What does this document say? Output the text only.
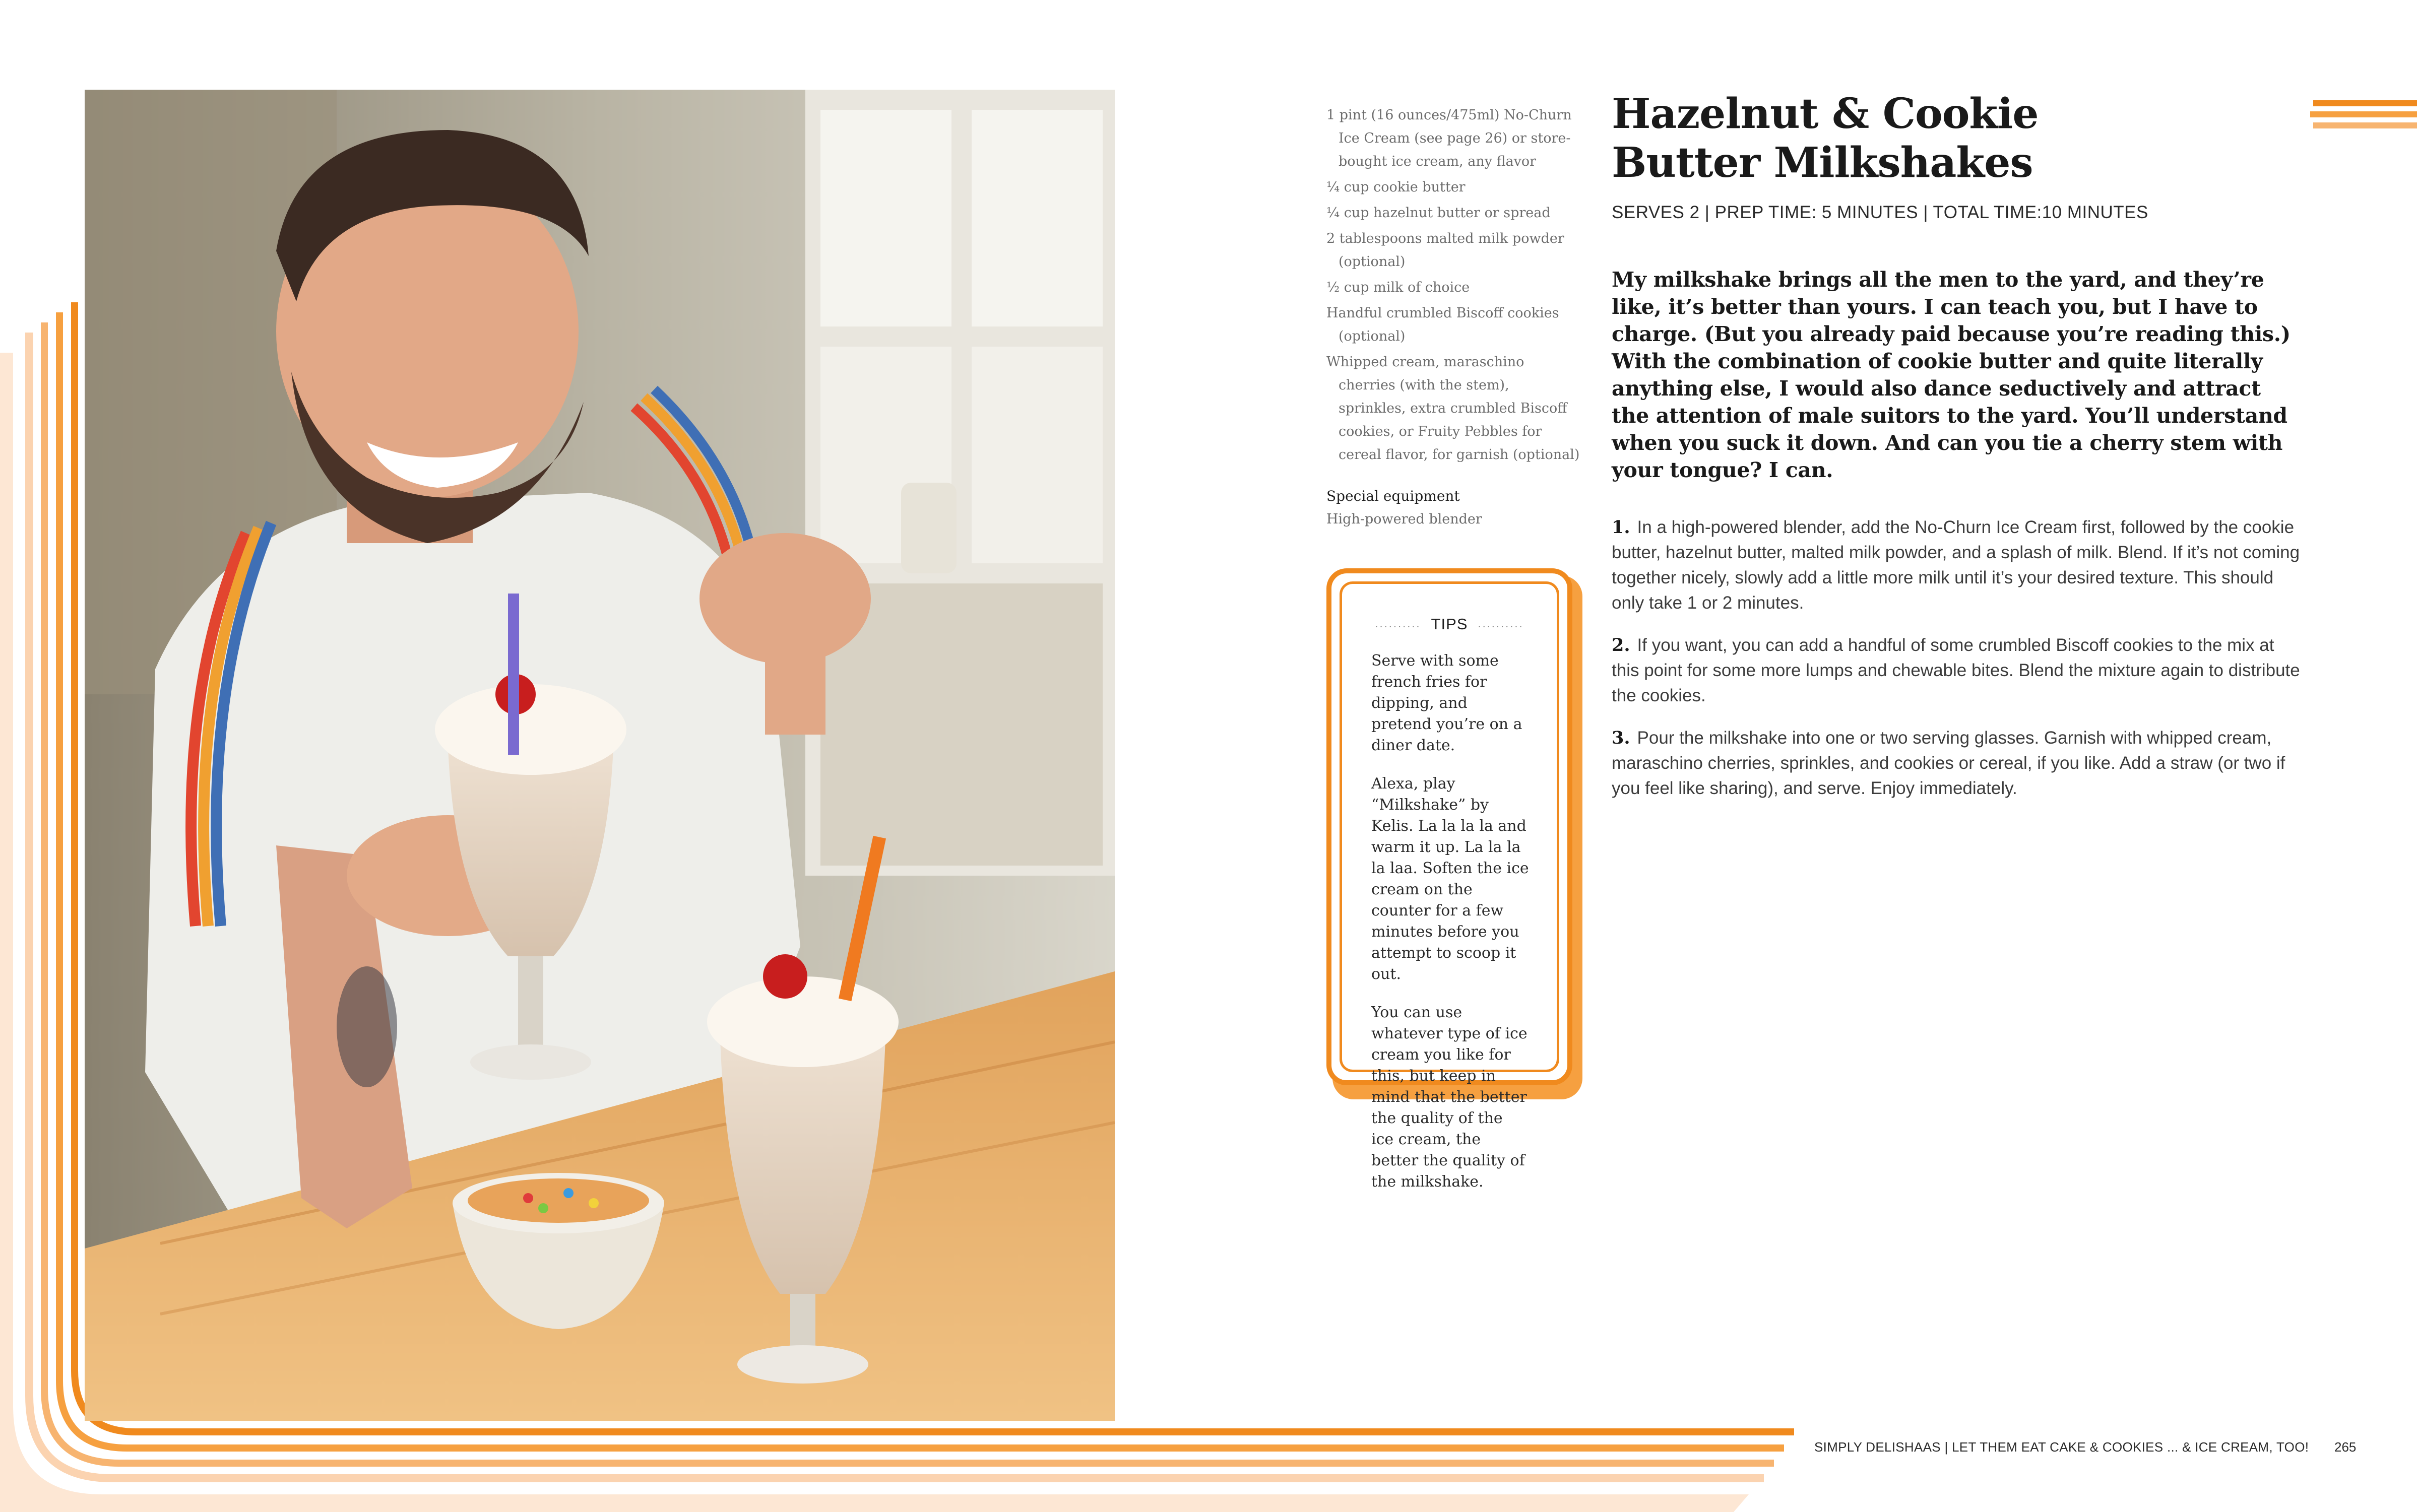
1 pint (16 ounces/475ml) No-Churn Ice Cream (see page 26) or store-bought ice cream, any flavor
¼ cup cookie butter
¼ cup hazelnut butter or spread
2 tablespoons malted milk powder (optional)
½ cup milk of choice
Handful crumbled Biscoff cookies (optional)
Whipped cream, maraschino cherries (with the stem), sprinkles, extra crumbled Biscoff cookies, or Fruity Pebbles for cereal flavor, for garnish (optional)
Special equipment
High-powered blender
.......... TIPS ..........

Serve with some french fries for dipping, and pretend you’re on a diner date.

Alexa, play “Milkshake” by Kelis. La la la la and warm it up. La la la la laa. Soften the ice cream on the counter for a few minutes before you attempt to scoop it out.

You can use whatever type of ice cream you like for this, but keep in mind that the better the quality of the ice cream, the better the quality of the milkshake.

Hazelnut & Cookie Butter Milkshakes
SERVES 2 | PREP TIME: 5 MINUTES | TOTAL TIME:10 MINUTES
My milkshake brings all the men to the yard, and they’re like, it’s better than yours. I can teach you, but I have to charge. (But you already paid because you’re reading this.) With the combination of cookie butter and quite literally anything else, I would also dance seductively and attract the attention of male suitors to the yard. You’ll understand when you suck it down. And can you tie a cherry stem with your tongue? I can.
1. In a high-powered blender, add the No-Churn Ice Cream first, followed by the cookie butter, hazelnut butter, malted milk powder, and a splash of milk. Blend. If it’s not coming together nicely, slowly add a little more milk until it’s your desired texture. This should only take 1 or 2 minutes.
2. If you want, you can add a handful of some crumbled Biscoff cookies to the mix at this point for some more lumps and chewable bites. Blend the mixture again to distribute the cookies.
3. Pour the milkshake into one or two serving glasses. Garnish with whipped cream, maraschino cherries, sprinkles, and cookies or cereal, if you like. Add a straw (or two if you feel like sharing), and serve. Enjoy immediately.
SIMPLY DELISHAAS | LET THEM EAT CAKE & COOKIES ... & ICE CREAM, TOO!	265
